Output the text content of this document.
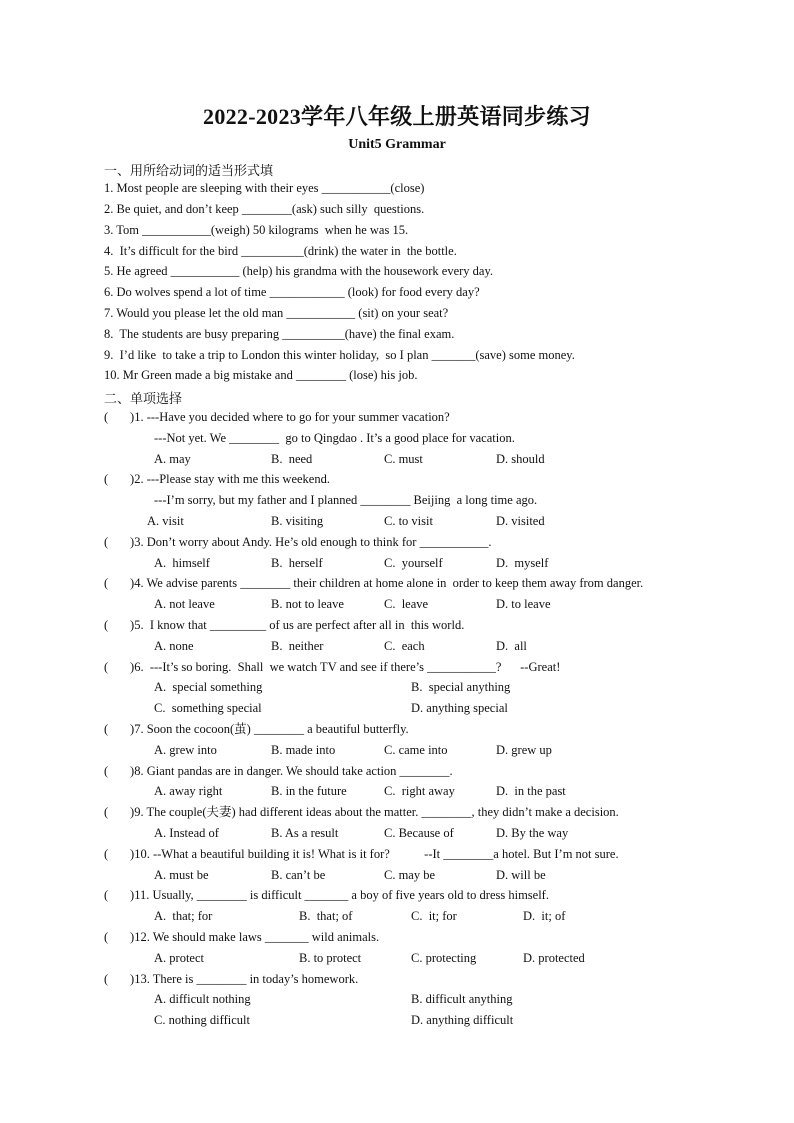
2022-2023学年八年级上册英语同步练习
Unit5 Grammar
一、用所给动词的适当形式填
1. Most people are sleeping with their eyes ___________(close)
2. Be quiet, and don’t keep ________(ask) such silly  questions.
3. Tom ___________(weigh) 50 kilograms  when he was 15.
4.  It’s difficult for the bird __________(drink) the water in  the bottle.
5. He agreed ___________ (help) his grandma with the housework every day.
6. Do wolves spend a lot of time ____________ (look) for food every day?
7. Would you please let the old man ___________ (sit) on your seat?
8.  The students are busy preparing __________(have) the final exam.
9.  I’d like  to take a trip to London this winter holiday,  so I plan _______(save) some money.
10. Mr Green made a big mistake and ________ (lose) his job.
二、单项选择
(       )1. ---Have you decided where to go for your summer vacation?
---Not yet. We ________  go to Qingdao . It’s a good place for vacation.
A. may	B.  need	C. must	D. should
(       )2. ---Please stay with me this weekend.
---I’m sorry, but my father and I planned ________ Beijing  a long time ago.
A. visit	B. visiting	C. to visit	D. visited
(       )3. Don’t worry about Andy. He’s old enough to think for ___________.
A.  himself	B.  herself	C.  yourself	D.  myself
(       )4. We advise parents ________ their children at home alone in  order to keep them away from danger.
A. not leave	B. not to leave	C.  leave	D. to leave
(       )5.  I know that _________ of us are perfect after all in  this world.
A. none	B.  neither	C.  each	D.  all
(       )6.  ---It’s so boring.  Shall  we watch TV and see if there’s ___________?      --Great!
A.  special something	B.  special anything
C.  something special	D. anything special
(       )7. Soon the cocoon(茧) ________ a beautiful butterfly.
A. grew into	B. made into	C. came into	D. grew up
(       )8. Giant pandas are in danger. We should take action ________.
A. away right	B. in the future	C.  right away	D.  in the past
(       )9. The couple(夫妻) had different ideas about the matter. ________, they didn’t make a decision.
A. Instead of	B. As a result	C. Because of	D. By the way
(       )10. --What a beautiful building it is! What is it for?           --It ________a hotel. But I’m not sure.
A. must be	B. can’t be	C. may be	D. will be
(       )11. Usually, ________ is difficult _______ a boy of five years old to dress himself.
A.  that; for	B.  that; of	C.  it; for	D.  it; of
(       )12. We should make laws _______ wild animals.
A. protect	B. to protect	C. protecting	D. protected
(       )13. There is ________ in today’s homework.
A. difficult nothing	B. difficult anything
C. nothing difficult	D. anything difficult
